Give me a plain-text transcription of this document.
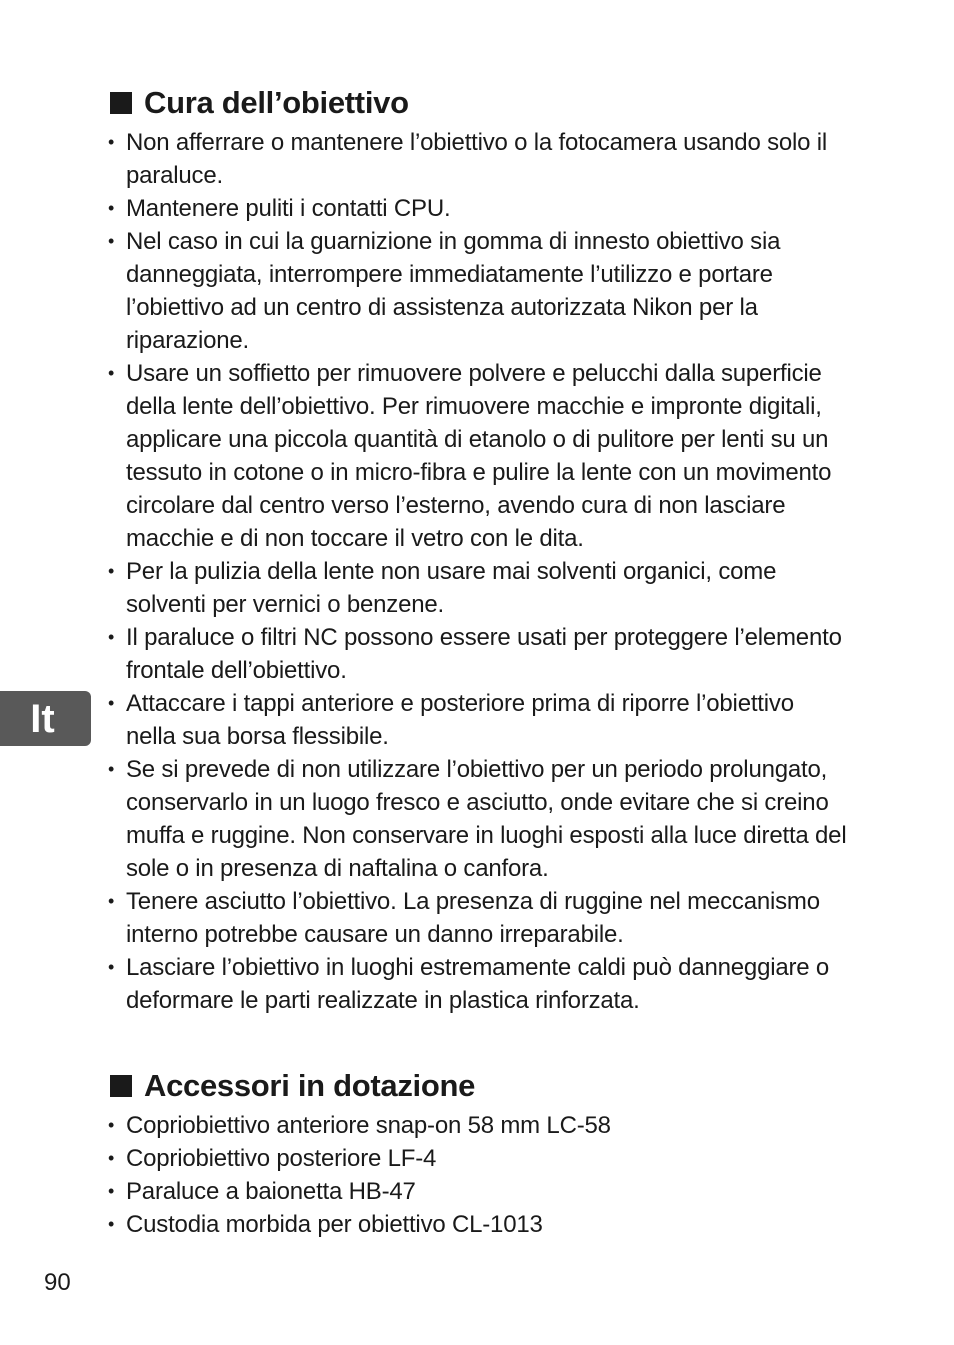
Cura dell’obiettivo
• Non afferrare o mantenere l’obiettivo o la fotocamera usando solo il paraluce.
• Mantenere puliti i contatti CPU.
• Nel caso in cui la guarnizione in gomma di innesto obiettivo sia danneggiata, interrompere immediatamente l’utilizzo e portare l’obiettivo ad un centro di assistenza autorizzata Nikon per la riparazione.
• Usare un soffietto per rimuovere polvere e pelucchi dalla superficie della lente dell’obiettivo. Per rimuovere macchie e impronte digitali, applicare una piccola quantità di etanolo o di pulitore per lenti su un tessuto in cotone o in micro-fibra e pulire la lente con un movimento circolare dal centro verso l’esterno, avendo cura di non lasciare macchie e di non toccare il vetro con le dita.
• Per la pulizia della lente non usare mai solventi organici, come solventi per vernici o benzene.
• Il paraluce o filtri NC possono essere usati per proteggere l’elemento frontale dell’obiettivo.
• Attaccare i tappi anteriore e posteriore prima di riporre l’obiettivo nella sua borsa flessibile.
• Se si prevede di non utilizzare l’obiettivo per un periodo prolungato, conservarlo in un luogo fresco e asciutto, onde evitare che si creino muffa e ruggine. Non conservare in luoghi esposti alla luce diretta del sole o in presenza di naftalina o canfora.
• Tenere asciutto l’obiettivo. La presenza di ruggine nel meccanismo interno potrebbe causare un danno irreparabile.
• Lasciare l’obiettivo in luoghi estremamente caldi può danneggiare o deformare le parti realizzate in plastica rinforzata.
Accessori in dotazione
• Copriobiettivo anteriore snap-on 58 mm LC-58
• Copriobiettivo posteriore LF-4
• Paraluce a baionetta HB-47
• Custodia morbida per obiettivo CL-1013
It
90
